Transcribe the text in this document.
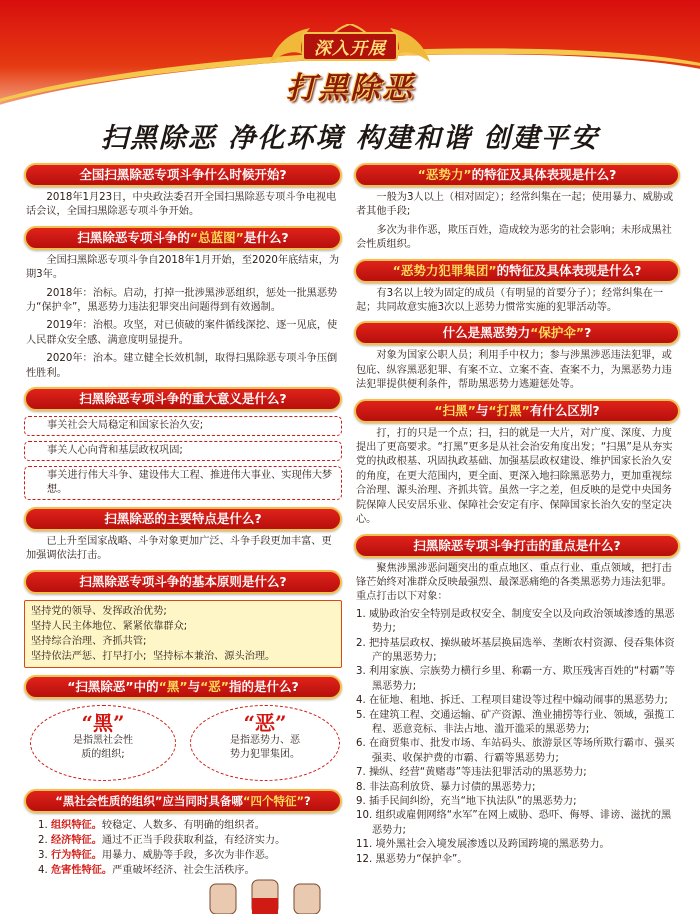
深入开展
打黑除恶
扫黑除恶 净化环境 构建和谐 创建平安
全国扫黑除恶专项斗争什么时候开始?
2018年1月23日，中央政法委召开全国扫黑除恶专项斗争电视电话会议，全国扫黑除恶专项斗争开始。
扫黑除恶专项斗争的“总蓝图”是什么?
全国扫黑除恶专项斗争自2018年1月开始，至2020年底结束，为期3年。
2018年：治标。启动，打掉一批涉黑涉恶组织，惩处一批黑恶势力“保护伞”，黑恶势力违法犯罪突出问题得到有效遏制。
2019年：治根。攻坚，对已侦破的案件循线深挖、逐一见底，使人民群众安全感、满意度明显提升。
2020年：治本。建立健全长效机制，取得扫黑除恶专项斗争压倒性胜利。
扫黑除恶专项斗争的重大意义是什么?
事关社会大局稳定和国家长治久安;
事关人心向背和基层政权巩固;
事关进行伟大斗争、建设伟大工程、推进伟大事业、实现伟大梦想。
扫黑除恶的主要特点是什么?
已上升至国家战略、斗争对象更加广泛、斗争手段更加丰富、更加强调依法打击。
扫黑除恶专项斗争的基本原则是什么?
坚持党的领导、发挥政治优势;
坚持人民主体地位、紧紧依靠群众;
坚持综合治理、齐抓共管;
坚持依法严惩、打早打小; 坚持标本兼治、源头治理。
“扫黑除恶”中的“黑”与“恶”指的是什么?
“黑”
是指黑社会性
质的组织;
“恶”
是指恶势力、恶
势力犯罪集团。
“黑社会性质的组织”应当同时具备哪“四个特征”?
1. 组织特征。较稳定、人数多、有明确的组织者。
2. 经济特征。通过不正当手段获取利益，有经济实力。
3. 行为特征。用暴力、威胁等手段，多次为非作恶。
4. 危害性特征。严重破坏经济、社会生活秩序。
“恶势力”的特征及具体表现是什么?
一般为3人以上（相对固定）；经常纠集在一起；使用暴力、威胁或者其他手段;
多次为非作恶，欺压百姓，造成较为恶劣的社会影响；未形成黑社会性质组织。
“恶势力犯罪集团”的特征及具体表现是什么?
有3名以上较为固定的成员（有明显的首要分子）；经常纠集在一起；共同故意实施3次以上恶势力惯常实施的犯罪活动等。
什么是黑恶势力“保护伞”?
对象为国家公职人员；利用手中权力；参与涉黑涉恶违法犯罪，或包庇、纵容黑恶犯罪、有案不立、立案不查、查案不力，为黑恶势力违法犯罪提供便利条件，帮助黑恶势力逃避惩处等。
“扫黑”与“打黑”有什么区别?
打，打的只是一个点；扫，扫的就是一大片，对广度、深度、力度提出了更高要求。“打黑”更多是从社会治安角度出发；“扫黑”是从夯实党的执政根基、巩固执政基础、加强基层政权建设、维护国家长治久安的角度，在更大范围内，更全面、更深入地扫除黑恶势力，更加重视综合治理、源头治理、齐抓共管。虽然一字之差，但反映的是党中央国务院保障人民安居乐业、保障社会安定有序、保障国家长治久安的坚定决心。
扫黑除恶专项斗争打击的重点是什么?
聚焦涉黑涉恶问题突出的重点地区、重点行业、重点领域，把打击锋芒始终对准群众反映最强烈、最深恶痛绝的各类黑恶势力违法犯罪。重点打击以下对象：
1. 威胁政治安全特别是政权安全、制度安全以及向政治领域渗透的黑恶势力;
2. 把持基层政权、操纵破坏基层换届选举、垄断农村资源、侵吞集体资产的黑恶势力;
3. 利用家族、宗族势力横行乡里、称霸一方、欺压残害百姓的“村霸”等黑恶势力;
4. 在征地、租地、拆迁、工程项目建设等过程中煽动闹事的黑恶势力;
5. 在建筑工程、交通运输、矿产资源、渔业捕捞等行业、领域，强揽工程、恶意竞标、非法占地、滥开滥采的黑恶势力;
6. 在商贸集市、批发市场、车站码头、旅游景区等场所欺行霸市、强买强卖、收保护费的市霸、行霸等黑恶势力;
7. 操纵、经营“黄赌毒”等违法犯罪活动的黑恶势力;
8. 非法高利放贷、暴力讨债的黑恶势力;
9. 插手民间纠纷，充当“地下执法队”的黑恶势力;
10. 组织或雇佣网络“水军”在网上威胁、恐吓、侮辱、诽谤、滋扰的黑恶势力;
11. 境外黑社会入境发展渗透以及跨国跨境的黑恶势力。
12. 黑恶势力“保护伞”。
